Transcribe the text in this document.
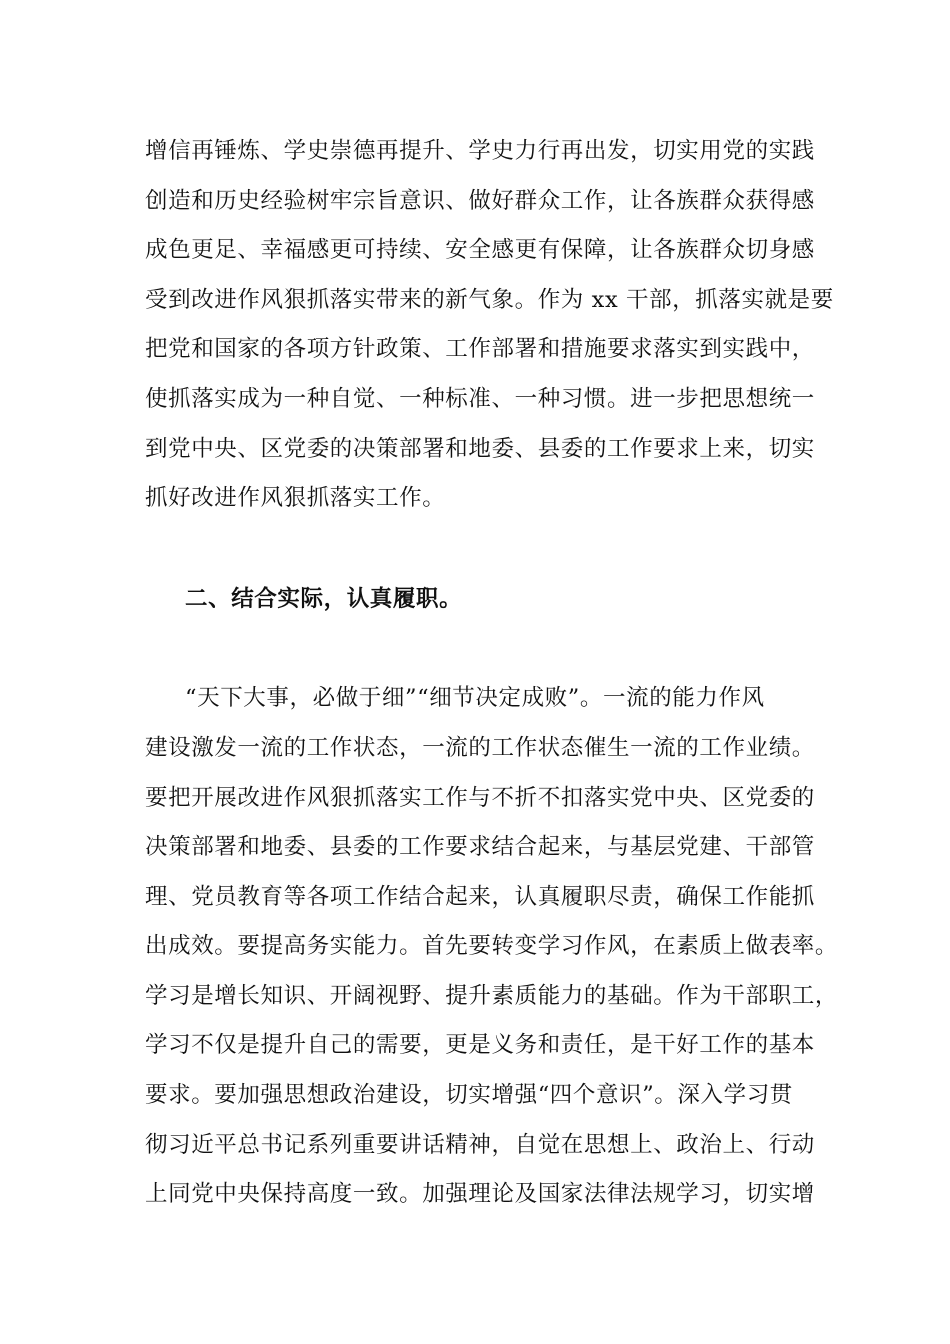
增信再锤炼、学史崇德再提升、学史力行再出发，切实用党的实践
创造和历史经验树牢宗旨意识、做好群众工作，让各族群众获得感
成色更足、幸福感更可持续、安全感更有保障，让各族群众切身感
受到改进作风狠抓落实带来的新气象。作为 xx 干部，抓落实就是要
把党和国家的各项方针政策、工作部署和措施要求落实到实践中，
使抓落实成为一种自觉、一种标准、一种习惯。进一步把思想统一
到党中央、区党委的决策部署和地委、县委的工作要求上来，切实
抓好改进作风狠抓落实工作。
二、结合实际，认真履职。
“天下大事，必做于细”“细节决定成败”。一流的能力作风
建设激发一流的工作状态，一流的工作状态催生一流的工作业绩。
要把开展改进作风狠抓落实工作与不折不扣落实党中央、区党委的
决策部署和地委、县委的工作要求结合起来，与基层党建、干部管
理、党员教育等各项工作结合起来，认真履职尽责，确保工作能抓
出成效。要提高务实能力。首先要转变学习作风，在素质上做表率。
学习是增长知识、开阔视野、提升素质能力的基础。作为干部职工，
学习不仅是提升自己的需要，更是义务和责任，是干好工作的基本
要求。要加强思想政治建设，切实增强“四个意识”。深入学习贯
彻习近平总书记系列重要讲话精神，自觉在思想上、政治上、行动
上同党中央保持高度一致。加强理论及国家法律法规学习，切实增
